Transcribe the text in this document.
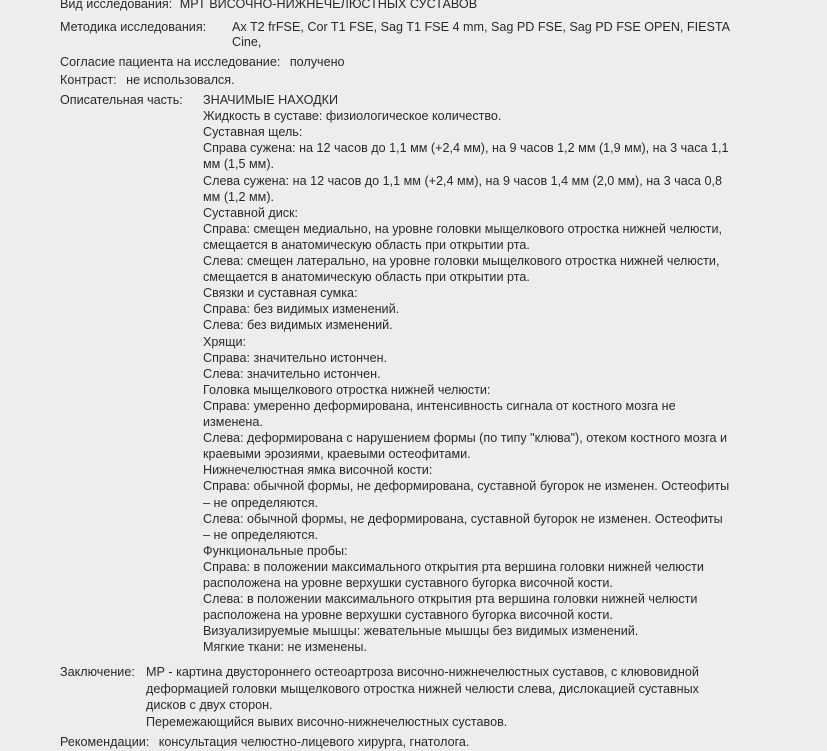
Вид исследования: МРТ ВИСОЧНО-НИЖНЕЧЕЛЮСТНЫХ СУСТАВОВ
Методика исследования: Ax T2 frFSE, Cor T1 FSE, Sag T1 FSE 4 mm, Sag PD FSE, Sag PD FSE OPEN, FIESTA
Cine,
Согласие пациента на исследование: получено
Контраст: не использовался.
Описательная часть: ЗНАЧИМЫЕ НАХОДКИ
Жидкость в суставе: физиологическое количество.
Суставная щель:
Справа сужена: на 12 часов до 1,1 мм (+2,4 мм), на 9 часов 1,2 мм (1,9 мм), на 3 часа 1,1
мм (1,5 мм).
Слева сужена: на 12 часов до 1,1 мм (+2,4 мм), на 9 часов 1,4 мм (2,0 мм), на 3 часа 0,8
мм (1,2 мм).
Суставной диск:
Справа: смещен медиально, на уровне головки мыщелкового отростка нижней челюсти,
смещается в анатомическую область при открытии рта.
Слева: смещен латерально, на уровне головки мыщелкового отростка нижней челюсти,
смещается в анатомическую область при открытии рта.
Связки и суставная сумка:
Справа: без видимых изменений.
Слева: без видимых изменений.
Хрящи:
Справа: значительно истончен.
Слева: значительно истончен.
Головка мыщелкового отростка нижней челюсти:
Справа: умеренно деформирована, интенсивность сигнала от костного мозга не
изменена.
Слева: деформирована с нарушением формы (по типу "клюва"), отеком костного мозга и
краевыми эрозиями, краевыми остеофитами.
Нижнечелюстная ямка височной кости:
Справа: обычной формы, не деформирована, суставной бугорок не изменен. Остеофиты
– не определяются.
Слева: обычной формы, не деформирована, суставной бугорок не изменен. Остеофиты
– не определяются.
Функциональные пробы:
Справа: в положении максимального открытия рта вершина головки нижней челюсти
расположена на уровне верхушки суставного бугорка височной кости.
Слева: в положении максимального открытия рта вершина головки нижней челюсти
расположена на уровне верхушки суставного бугорка височной кости.
Визуализируемые мышцы: жевательные мышцы без видимых изменений.
Мягкие ткани: не изменены.
Заключение: МР - картина двустороннего остеоартроза височно-нижнечелюстных суставов, с клювовидной
деформацией головки мыщелкового отростка нижней челюсти слева, дислокацией суставных
дисков с двух сторон.
Перемежающийся вывих височно-нижнечелюстных суставов.
Рекомендации: консультация челюстно-лицевого хирурга, гнатолога.
